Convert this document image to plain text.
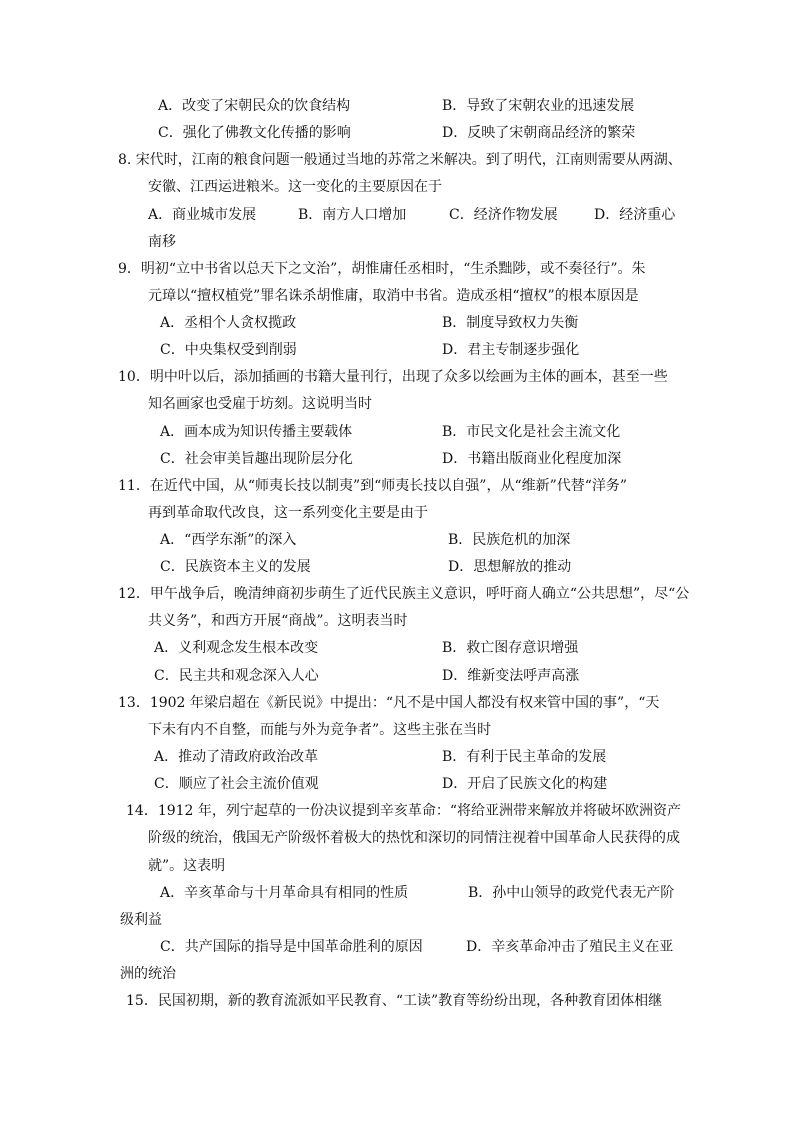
A．改变了宋朝民众的饮食结构	B．导致了宋朝农业的迅速发展
C．强化了佛教文化传播的影响	D．反映了宋朝商品经济的繁荣
8. 宋代时，江南的粮食问题一般通过当地的苏常之米解决。到了明代，江南则需要从两湖、
安徽、江西运进粮米。这一变化的主要原因在于
A．商业城市发展	B．南方人口增加	C．经济作物发展	D．经济重心
南移
9．明初“立中书省以总天下之文治”，胡惟庸任丞相时，“生杀黜陟，或不奏径行”。朱
元璋以“擅权植党”罪名诛杀胡惟庸，取消中书省。造成丞相“擅权”的根本原因是
A．丞相个人贪权揽政	B．制度导致权力失衡
C．中央集权受到削弱	D．君主专制逐步强化
10．明中叶以后，添加插画的书籍大量刊行，出现了众多以绘画为主体的画本，甚至一些
知名画家也受雇于坊刻。这说明当时
A．画本成为知识传播主要载体	B．市民文化是社会主流文化
C．社会审美旨趣出现阶层分化	D．书籍出版商业化程度加深
11．在近代中国，从“师夷长技以制夷”到“师夷长技以自强”，从“维新”代替“洋务”
再到革命取代改良，这一系列变化主要是由于
A．“西学东渐”的深入	B．民族危机的加深
C．民族资本主义的发展	D．思想解放的推动
12．甲午战争后，晚清绅商初步萌生了近代民族主义意识，呼吁商人确立“公共思想”，尽“公
共义务”，和西方开展“商战”。这明表当时
A．义利观念发生根本改变	B．救亡图存意识增强
C．民主共和观念深入人心	D．维新变法呼声高涨
13．1902 年梁启超在《新民说》中提出：“凡不是中国人都没有权来管中国的事”，“天
下未有内不自整，而能与外为竞争者”。这些主张在当时
A．推动了清政府政治改革	B．有利于民主革命的发展
C．顺应了社会主流价值观	D．开启了民族文化的构建
14．1912 年，列宁起草的一份决议提到辛亥革命：“将给亚洲带来解放并将破坏欧洲资产
阶级的统治，俄国无产阶级怀着极大的热忱和深切的同情注视着中国革命人民获得的成
就”。这表明
A．辛亥革命与十月革命具有相同的性质	B．孙中山领导的政党代表无产阶
级利益
C．共产国际的指导是中国革命胜利的原因	D．辛亥革命冲击了殖民主义在亚
洲的统治
15．民国初期，新的教育流派如平民教育、“工读”教育等纷纷出现，各种教育团体相继
